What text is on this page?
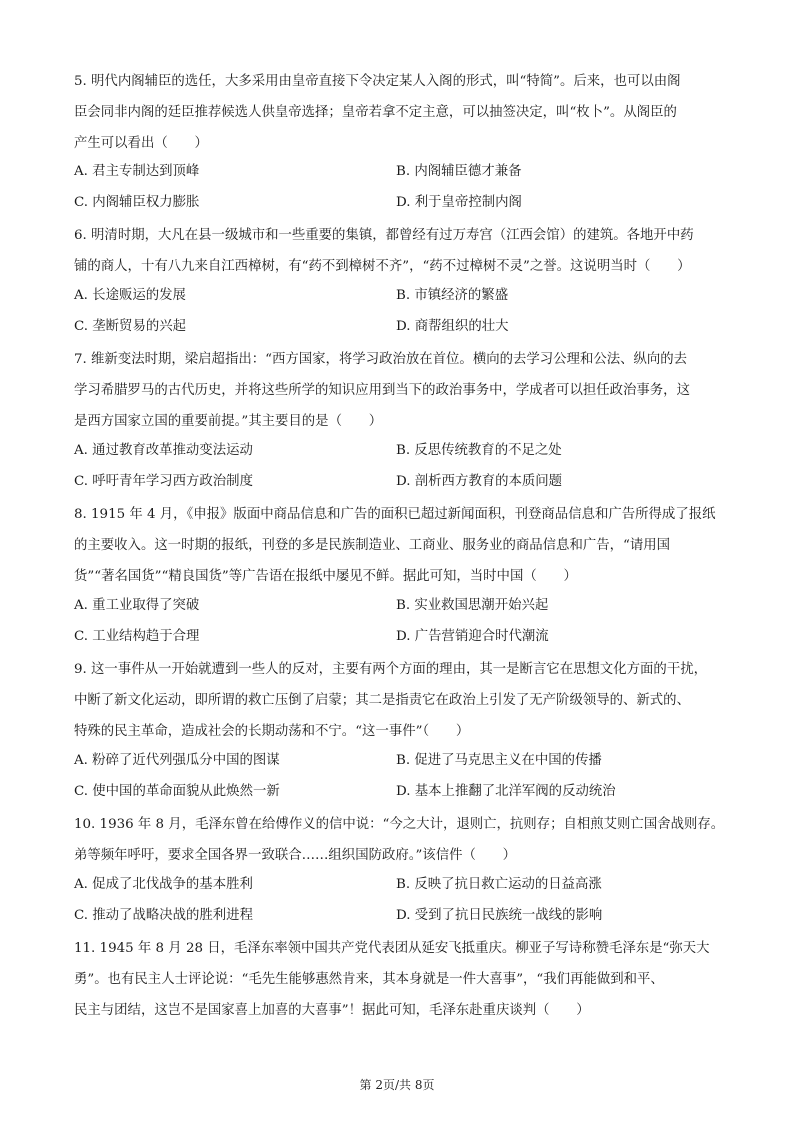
5. 明代内阁辅臣的选任，大多采用由皇帝直接下令决定某人入阁的形式，叫“特简”。后来，也可以由阁
臣会同非内阁的廷臣推荐候选人供皇帝选择；皇帝若拿不定主意，可以抽签决定，叫“枚卜”。从阁臣的
产生可以看出（　　）
A. 君主专制达到顶峰	B. 内阁辅臣德才兼备
C. 内阁辅臣权力膨胀	D. 利于皇帝控制内阁
6. 明清时期，大凡在县一级城市和一些重要的集镇，都曾经有过万寿宫（江西会馆）的建筑。各地开中药
铺的商人，十有八九来自江西樟树，有“药不到樟树不齐”，“药不过樟树不灵”之誉。这说明当时（　　）
A. 长途贩运的发展	B. 市镇经济的繁盛
C. 垄断贸易的兴起	D. 商帮组织的壮大
7. 维新变法时期，梁启超指出：“西方国家，将学习政治放在首位。横向的去学习公理和公法、纵向的去
学习希腊罗马的古代历史，并将这些所学的知识应用到当下的政治事务中，学成者可以担任政治事务，这
是西方国家立国的重要前提。”其主要目的是（　　）
A. 通过教育改革推动变法运动	B. 反思传统教育的不足之处
C. 呼吁青年学习西方政治制度	D. 剖析西方教育的本质问题
8. 1915 年 4 月，《申报》版面中商品信息和广告的面积已超过新闻面积，刊登商品信息和广告所得成了报纸
的主要收入。这一时期的报纸，刊登的多是民族制造业、工商业、服务业的商品信息和广告，“请用国
货”“著名国货”“精良国货”等广告语在报纸中屡见不鲜。据此可知，当时中国（　　）
A. 重工业取得了突破	B. 实业救国思潮开始兴起
C. 工业结构趋于合理	D. 广告营销迎合时代潮流
9. 这一事件从一开始就遭到一些人的反对，主要有两个方面的理由，其一是断言它在思想文化方面的干扰，
中断了新文化运动，即所谓的救亡压倒了启蒙；其二是指责它在政治上引发了无产阶级领导的、新式的、
特殊的民主革命，造成社会的长期动荡和不宁。“这一事件”（　　）
A. 粉碎了近代列强瓜分中国的图谋	B. 促进了马克思主义在中国的传播
C. 使中国的革命面貌从此焕然一新	D. 基本上推翻了北洋军阀的反动统治
10. 1936 年 8 月，毛泽东曾在给傅作义的信中说：“今之大计，退则亡，抗则存；自相煎艾则亡国舍战则存。
弟等频年呼吁，要求全国各界一致联合……组织国防政府。”该信件（　　）
A. 促成了北伐战争的基本胜利	B. 反映了抗日救亡运动的日益高涨
C. 推动了战略决战的胜利进程	D. 受到了抗日民族统一战线的影响
11. 1945 年 8 月 28 日，毛泽东率领中国共产党代表团从延安飞抵重庆。柳亚子写诗称赞毛泽东是“弥天大
勇”。也有民主人士评论说：“毛先生能够惠然肯来，其本身就是一件大喜事”，“我们再能做到和平、
民主与团结，这岂不是国家喜上加喜的大喜事”！据此可知，毛泽东赴重庆谈判（　　）
第 2页/共 8页
